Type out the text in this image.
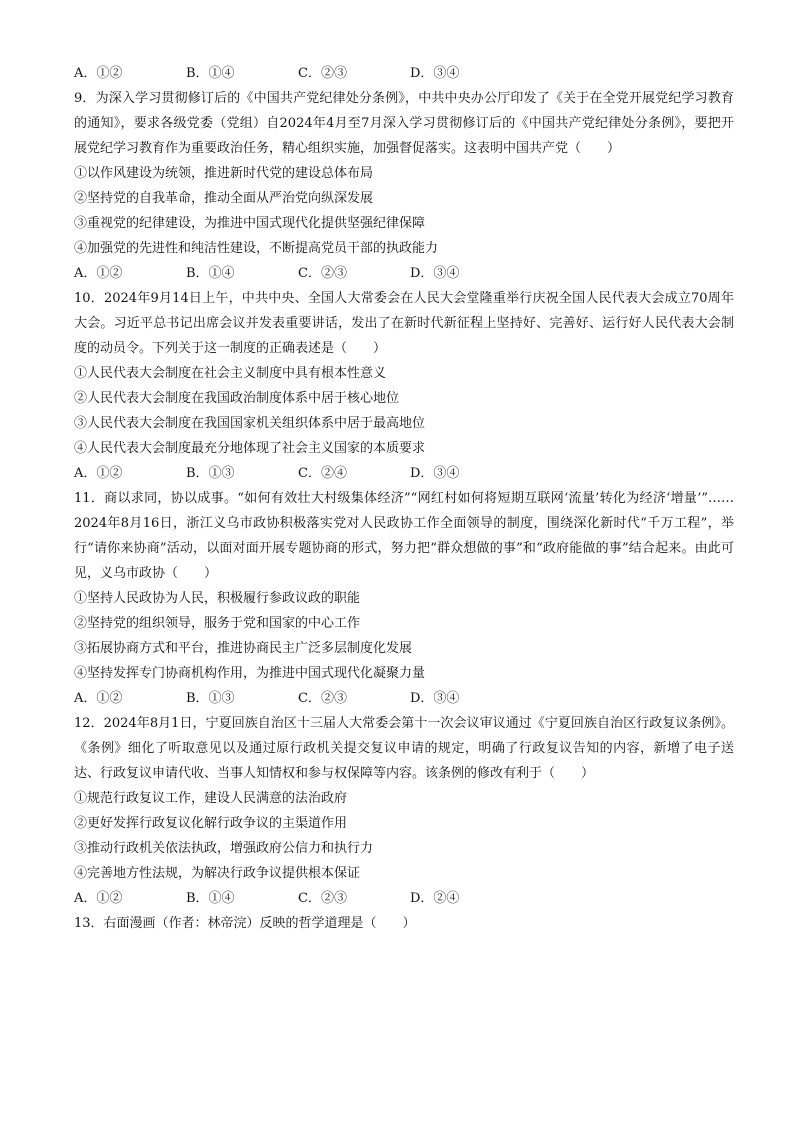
A．①②	B．①④	C．②③	D．③④

9．为深入学习贯彻修订后的《中国共产党纪律处分条例》，中共中央办公厅印发了《关于在全党开展党纪学习教育的通知》，要求各级党委（党组）自2024年4月至7月深入学习贯彻修订后的《中国共产党纪律处分条例》，要把开展党纪学习教育作为重要政治任务，精心组织实施，加强督促落实。这表明中国共产党（　　）

①以作风建设为统领，推进新时代党的建设总体布局

②坚持党的自我革命，推动全面从严治党向纵深发展

③重视党的纪律建设，为推进中国式现代化提供坚强纪律保障

④加强党的先进性和纯洁性建设，不断提高党员干部的执政能力

A．①②	B．①④	C．②③	D．③④

10．2024年9月14日上午，中共中央、全国人大常委会在人民大会堂隆重举行庆祝全国人民代表大会成立70周年大会。习近平总书记出席会议并发表重要讲话，发出了在新时代新征程上坚持好、完善好、运行好人民代表大会制度的动员令。下列关于这一制度的正确表述是（　　）

①人民代表大会制度在社会主义制度中具有根本性意义

②人民代表大会制度在我国政治制度体系中居于核心地位

③人民代表大会制度在我国国家机关组织体系中居于最高地位

④人民代表大会制度最充分地体现了社会主义国家的本质要求

A．①②	B．①③	C．②④	D．③④

11．商以求同，协以成事。“如何有效壮大村级集体经济”“网红村如何将短期互联网‘流量’转化为经济‘增量’”……2024年8月16日，浙江义乌市政协积极落实党对人民政协工作全面领导的制度，围绕深化新时代“千万工程”，举行“请你来协商”活动，以面对面开展专题协商的形式，努力把“群众想做的事”和“政府能做的事”结合起来。由此可见，义乌市政协（　　）

①坚持人民政协为人民，积极履行参政议政的职能

②坚持党的组织领导，服务于党和国家的中心工作

③拓展协商方式和平台，推进协商民主广泛多层制度化发展

④坚持发挥专门协商机构作用，为推进中国式现代化凝聚力量

A．①②	B．①③	C．②③	D．③④

12．2024年8月1日，宁夏回族自治区十三届人大常委会第十一次会议审议通过《宁夏回族自治区行政复议条例》。《条例》细化了听取意见以及通过原行政机关提交复议申请的规定，明确了行政复议告知的内容，新增了电子送达、行政复议申请代收、当事人知情权和参与权保障等内容。该条例的修改有利于（　　）

①规范行政复议工作，建设人民满意的法治政府

②更好发挥行政复议化解行政争议的主渠道作用

③推动行政机关依法执政，增强政府公信力和执行力

④完善地方性法规，为解决行政争议提供根本保证

A．①②	B．①④	C．②③	D．②④

13．右面漫画（作者：林帝浣）反映的哲学道理是（　　）
